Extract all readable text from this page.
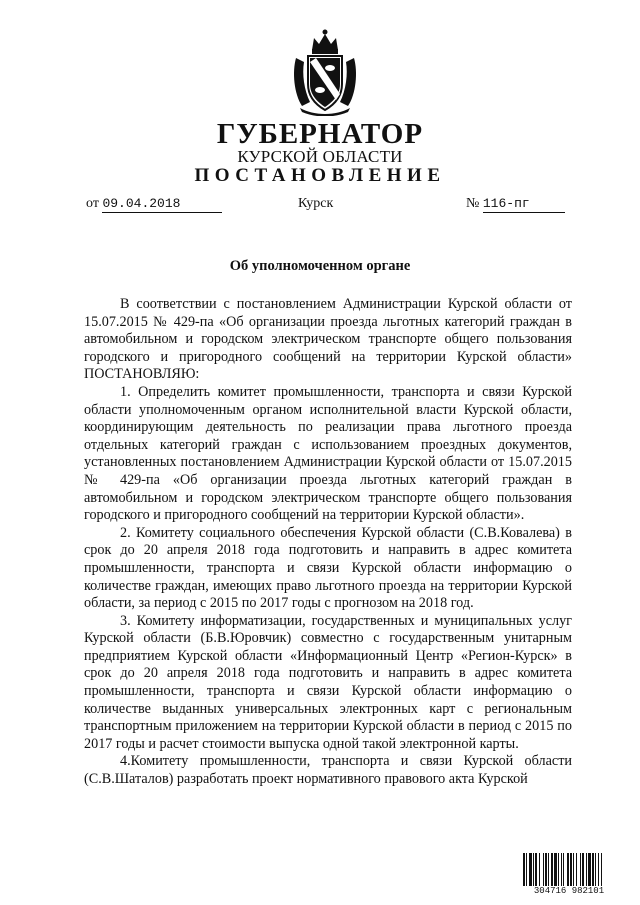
ГУБЕРНАТОР
КУРСКОЙ ОБЛАСТИ
ПОСТАНОВЛЕНИЕ
от 09.04.2018	Курск	№ 116-пг
Об уполномоченном органе

В соответствии с постановлением Администрации Курской области от 15.07.2015 № 429-па «Об организации проезда льготных категорий граждан в автомобильном и городском электрическом транспорте общего пользования городского и пригородного сообщений на территории Курской области» ПОСТАНОВЛЯЮ:

1. Определить комитет промышленности, транспорта и связи Курской области уполномоченным органом исполнительной власти Курской области, координирующим деятельность по реализации права льготного проезда отдельных категорий граждан с использованием проездных документов, установленных постановлением Администрации Курской области от 15.07.2015 № 429-па «Об организации проезда льготных категорий граждан в автомобильном и городском электрическом транспорте общего пользования городского и пригородного сообщений на территории Курской области».

2. Комитету социального обеспечения Курской области (С.В.Ковалева) в срок до 20 апреля 2018 года подготовить и направить в адрес комитета промышленности, транспорта и связи Курской области информацию о количестве граждан, имеющих право льготного проезда на территории Курской области, за период с 2015 по 2017 годы с прогнозом на 2018 год.

3. Комитету информатизации, государственных и муниципальных услуг Курской области (Б.В.Юровчик) совместно с государственным унитарным предприятием Курской области «Информационный Центр «Регион-Курск» в срок до 20 апреля 2018 года подготовить и направить в адрес комитета промышленности, транспорта и связи Курской области информацию о количестве выданных универсальных электронных карт с региональным транспортным приложением на территории Курской области в период с 2015 по 2017 годы и расчет стоимости выпуска одной такой электронной карты.

4.Комитету промышленности, транспорта и связи Курской области (С.В.Шаталов) разработать проект нормативного правового акта Курской

304716 982101
